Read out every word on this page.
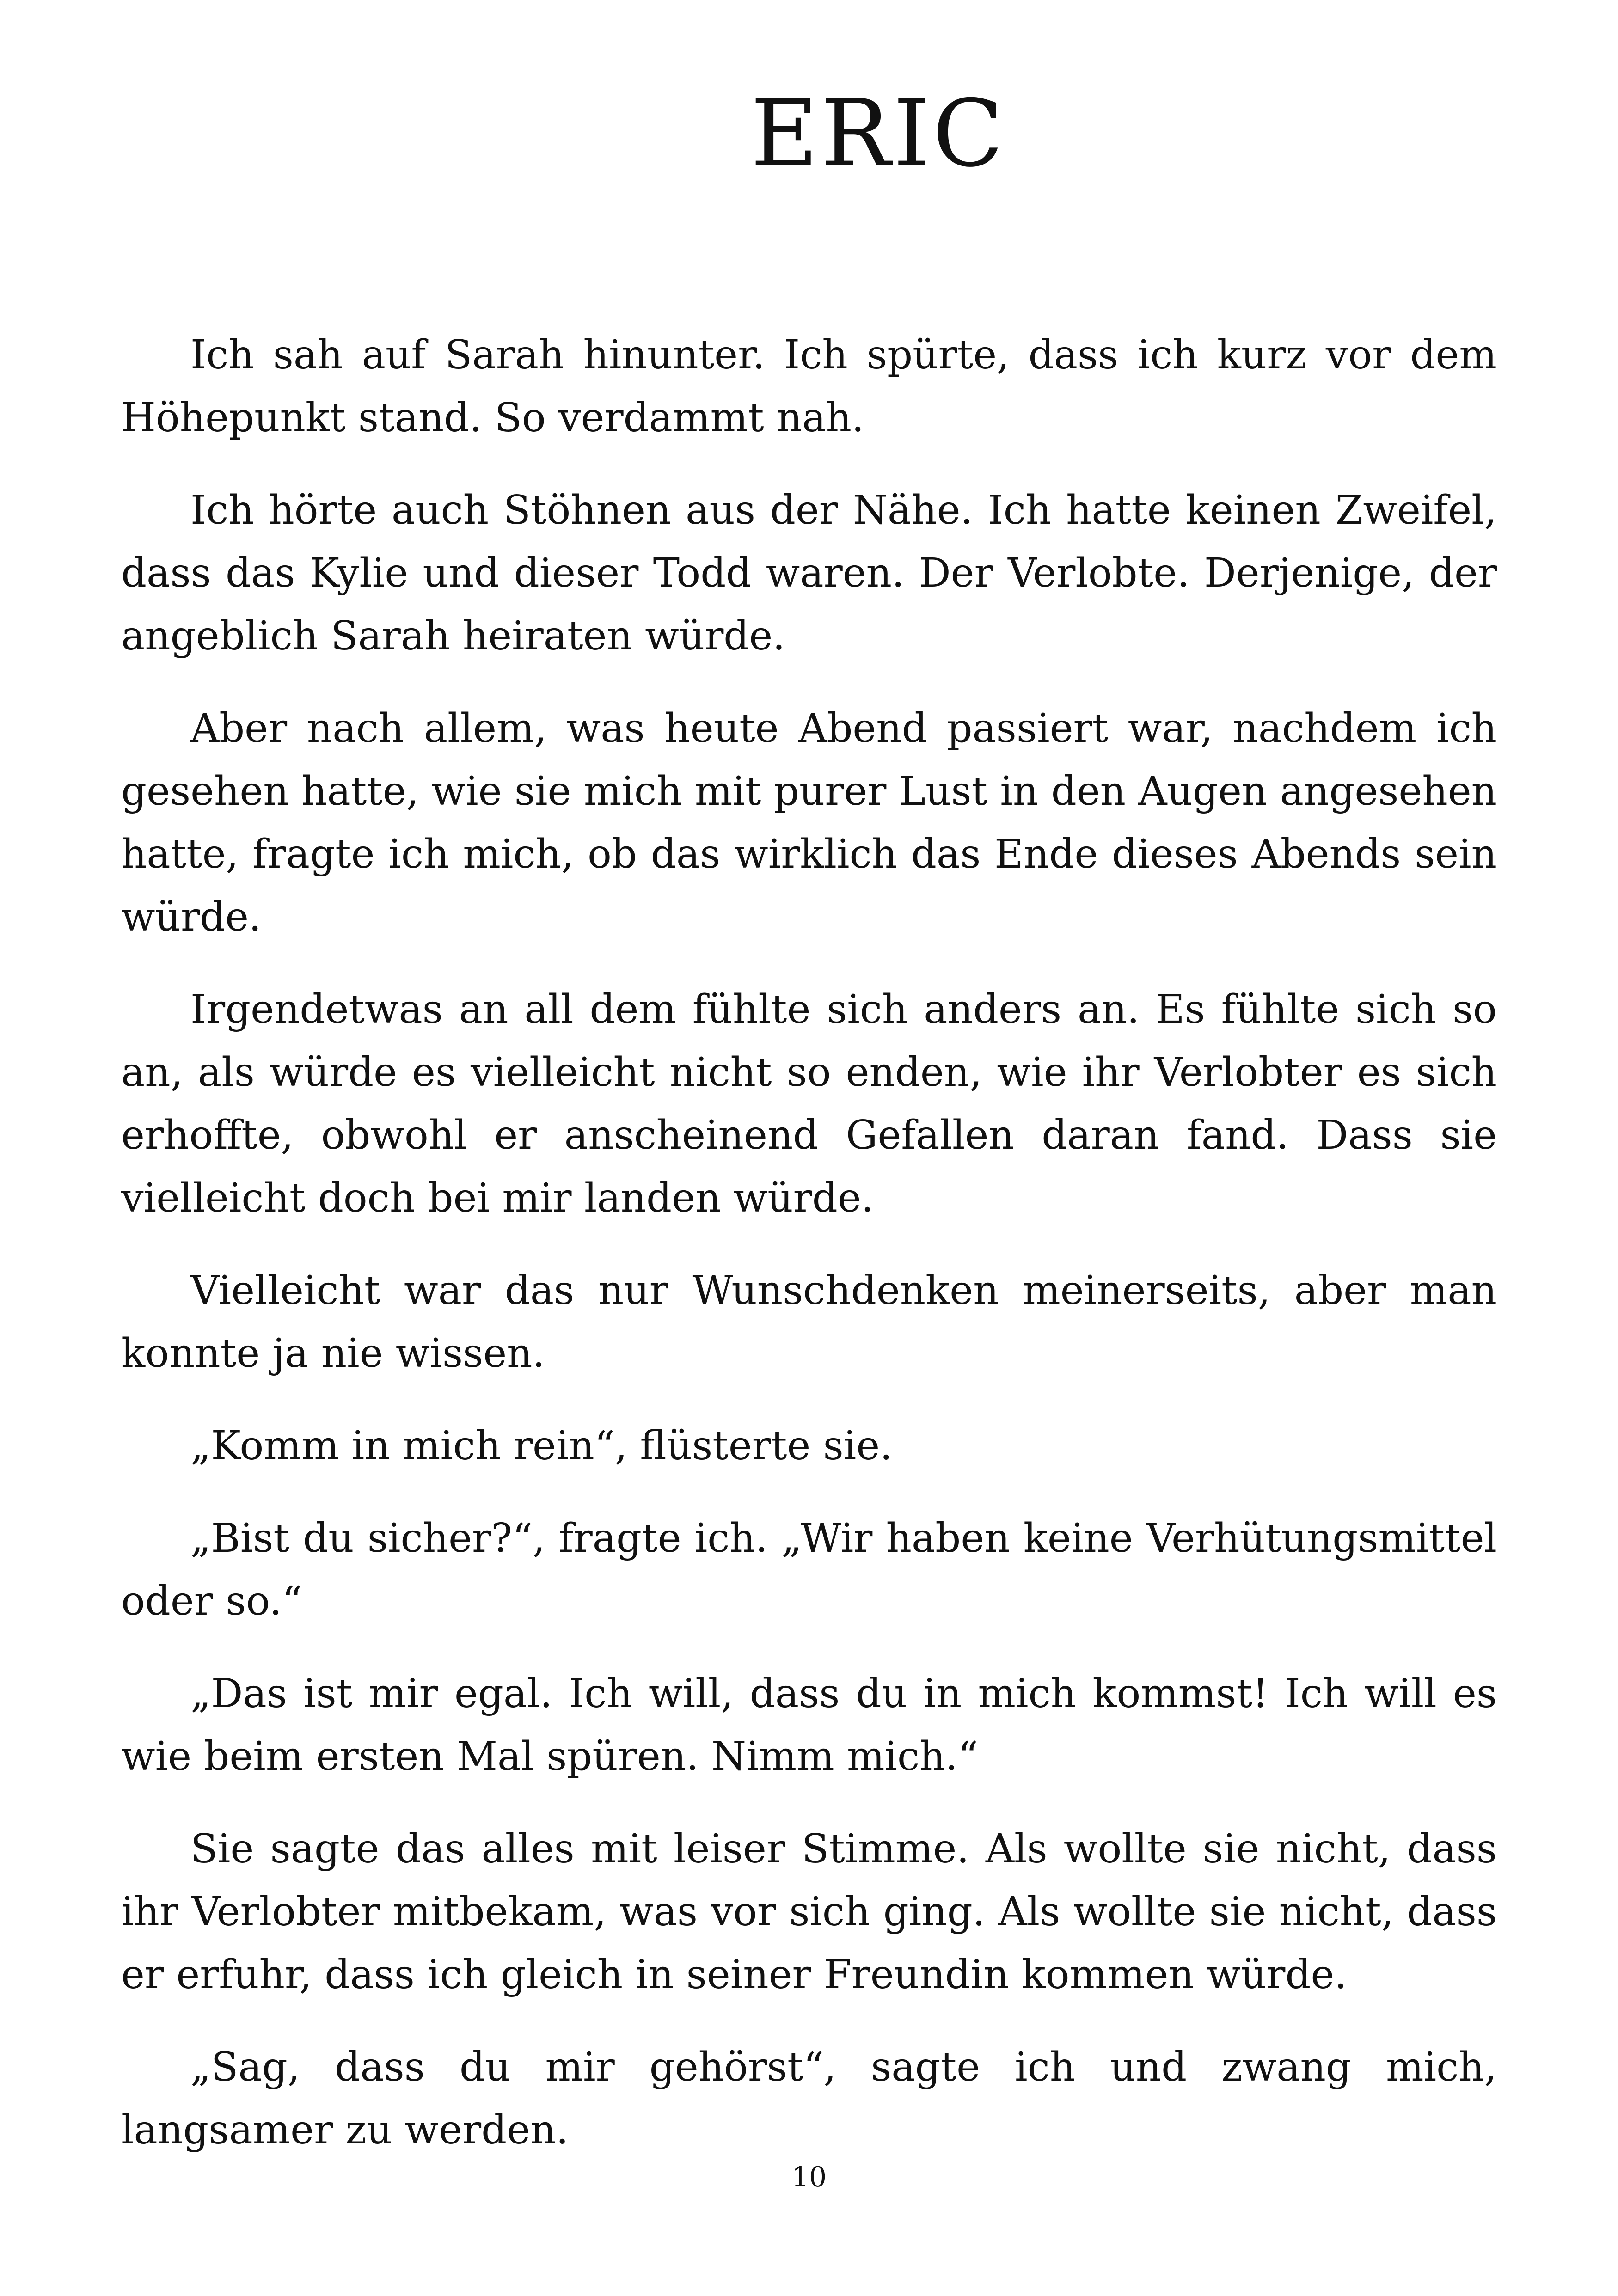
ERIC

Ich sah auf Sarah hinunter. Ich spürte, dass ich kurz vor dem Höhepunkt stand. So verdammt nah.

Ich hörte auch Stöhnen aus der Nähe. Ich hatte keinen Zweifel, dass das Kylie und dieser Todd waren. Der Verlobte. Derjenige, der angeblich Sarah heiraten würde.

Aber nach allem, was heute Abend passiert war, nachdem ich gesehen hatte, wie sie mich mit purer Lust in den Augen angesehen hatte, fragte ich mich, ob das wirklich das Ende dieses Abends sein würde.

Irgendetwas an all dem fühlte sich anders an. Es fühlte sich so an, als würde es vielleicht nicht so enden, wie ihr Verlobter es sich erhoffte, obwohl er anscheinend Gefallen daran fand. Dass sie vielleicht doch bei mir landen würde.

Vielleicht war das nur Wunschdenken meinerseits, aber man konnte ja nie wissen.

„Komm in mich rein“, flüsterte sie.

„Bist du sicher?“, fragte ich. „Wir haben keine Verhütungsmittel oder so.“

„Das ist mir egal. Ich will, dass du in mich kommst! Ich will es wie beim ersten Mal spüren. Nimm mich.“

Sie sagte das alles mit leiser Stimme. Als wollte sie nicht, dass ihr Verlobter mitbekam, was vor sich ging. Als wollte sie nicht, dass er erfuhr, dass ich gleich in seiner Freundin kommen würde.

„Sag, dass du mir gehörst“, sagte ich und zwang mich, langsamer zu werden.

10
